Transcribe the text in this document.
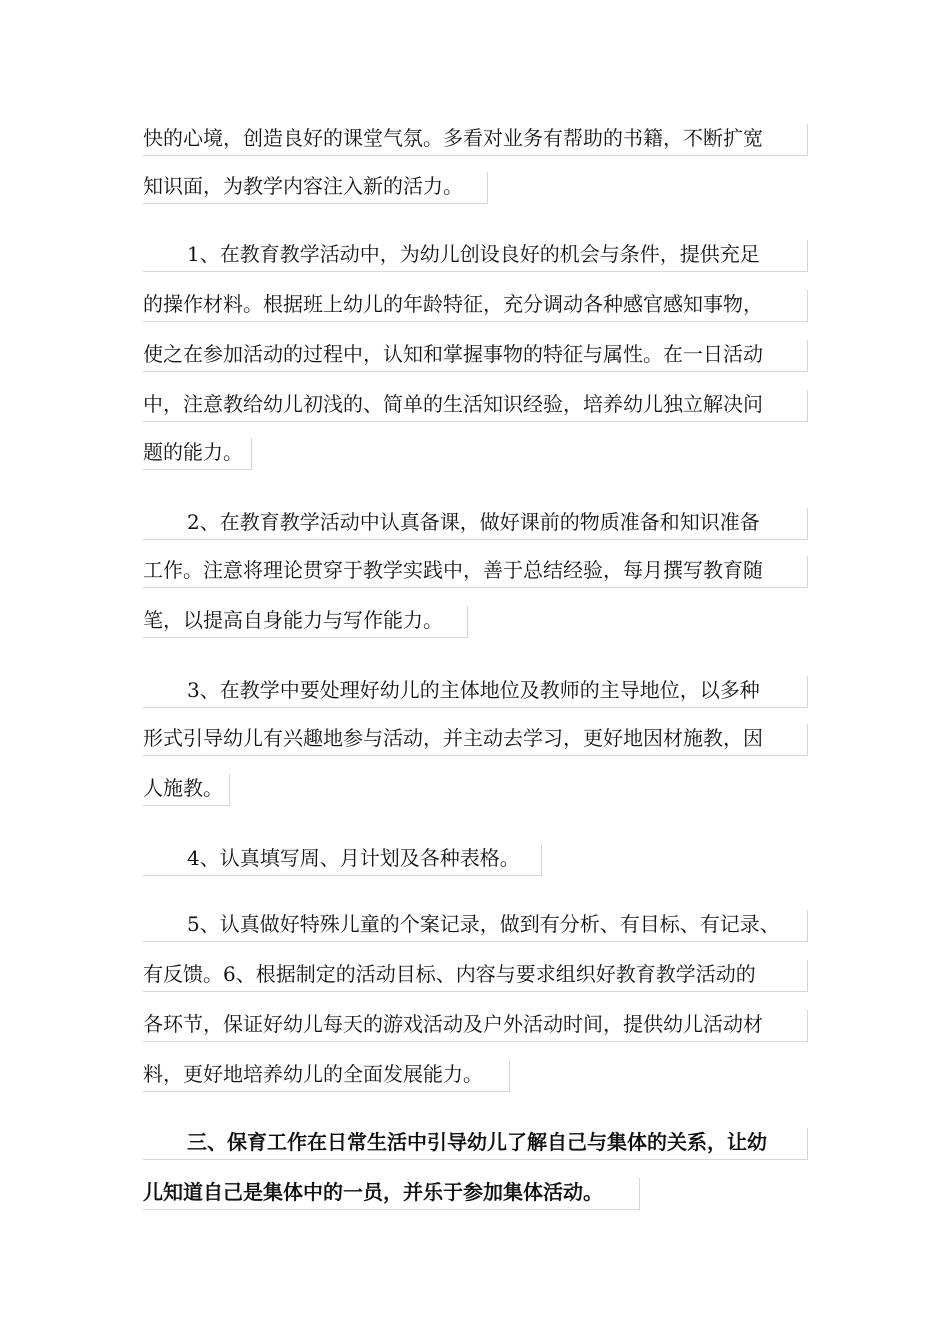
快的心境，创造良好的课堂气氛。多看对业务有帮助的书籍，不断扩宽
知识面，为教学内容注入新的活力。
1、在教育教学活动中，为幼儿创设良好的机会与条件，提供充足
的操作材料。根据班上幼儿的年龄特征，充分调动各种感官感知事物，
使之在参加活动的过程中，认知和掌握事物的特征与属性。在一日活动
中，注意教给幼儿初浅的、简单的生活知识经验，培养幼儿独立解决问
题的能力。
2、在教育教学活动中认真备课，做好课前的物质准备和知识准备
工作。注意将理论贯穿于教学实践中，善于总结经验，每月撰写教育随
笔，以提高自身能力与写作能力。
3、在教学中要处理好幼儿的主体地位及教师的主导地位，以多种
形式引导幼儿有兴趣地参与活动，并主动去学习，更好地因材施教，因
人施教。
4、认真填写周、月计划及各种表格。
5、认真做好特殊儿童的个案记录，做到有分析、有目标、有记录、
有反馈。6、根据制定的活动目标、内容与要求组织好教育教学活动的
各环节，保证好幼儿每天的游戏活动及户外活动时间，提供幼儿活动材
料，更好地培养幼儿的全面发展能力。
三、保育工作在日常生活中引导幼儿了解自己与集体的关系，让幼
儿知道自己是集体中的一员，并乐于参加集体活动。
